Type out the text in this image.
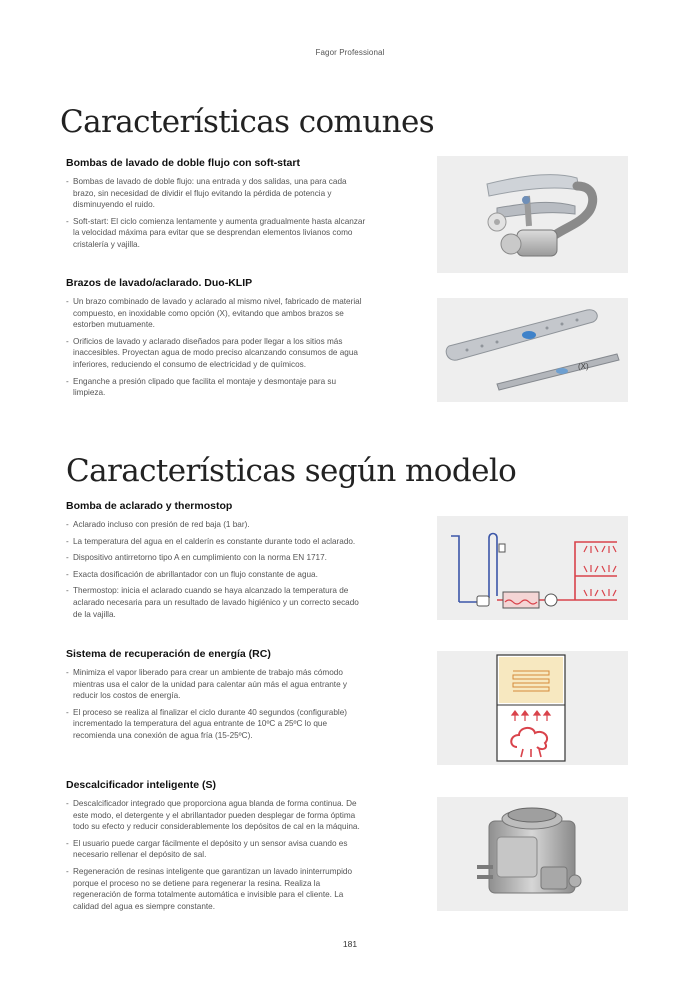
Fagor Professional
Características comunes
Bombas de lavado de doble flujo con soft-start
- Bombas de lavado de doble flujo: una entrada y dos salidas, una para cada brazo, sin necesidad de dividir el flujo evitando la pérdida de potencia y disminuyendo el ruido.
- Soft-start: El ciclo comienza lentamente y aumenta gradualmente hasta alcanzar la velocidad máxima para evitar que se desprendan elementos livianos como cristalería y vajilla.
Brazos de lavado/aclarado. Duo-KLIP
- Un brazo combinado de lavado y aclarado al mismo nivel, fabricado de material compuesto, en inoxidable como opción (X), evitando que ambos brazos se estorben mutuamente.
- Orificios de lavado y aclarado diseñados para poder llegar a los sitios más inaccesibles. Proyectan agua de modo preciso alcanzando consumos de agua inferiores, reduciendo el consumo de electricidad y de químicos.
- Enganche a presión clipado que facilita el montaje y desmontaje para su limpieza.
(X)
Características según modelo
Bomba de aclarado y thermostop
- Aclarado incluso con presión de red baja (1 bar).
- La temperatura del agua en el calderín es constante durante todo el aclarado.
- Dispositivo antirretorno tipo A en cumplimiento con la norma EN 1717.
- Exacta dosificación de abrillantador con un flujo constante de agua.
- Thermostop: inicia el aclarado cuando se haya alcanzado la temperatura de aclarado necesaria para un resultado de lavado higiénico y un correcto secado de la vajilla.
Sistema de recuperación de energía (RC)
- Minimiza el vapor liberado para crear un ambiente de trabajo más cómodo mientras usa el calor de la unidad para calentar aún más el agua entrante y reducir los costos de energía.
- El proceso se realiza al finalizar el ciclo durante 40 segundos (configurable) incrementado la temperatura del agua entrante de 10ºC a 25ºC lo que recomienda una conexión de agua fría (15-25ºC).
Descalcificador inteligente (S)
- Descalcificador integrado que proporciona agua blanda de forma continua. De este modo, el detergente y el abrillantador pueden desplegar de forma óptima todo su efecto y reducir considerablemente los depósitos de cal en la máquina.
- El usuario puede cargar fácilmente el depósito y un sensor avisa cuando es necesario rellenar el depósito de sal.
- Regeneración de resinas inteligente que garantizan un lavado ininterrumpido porque el proceso no se detiene para regenerar la resina. Realiza la regeneración de forma totalmente automática e invisible para el cliente. La calidad del agua es siempre constante.
181
